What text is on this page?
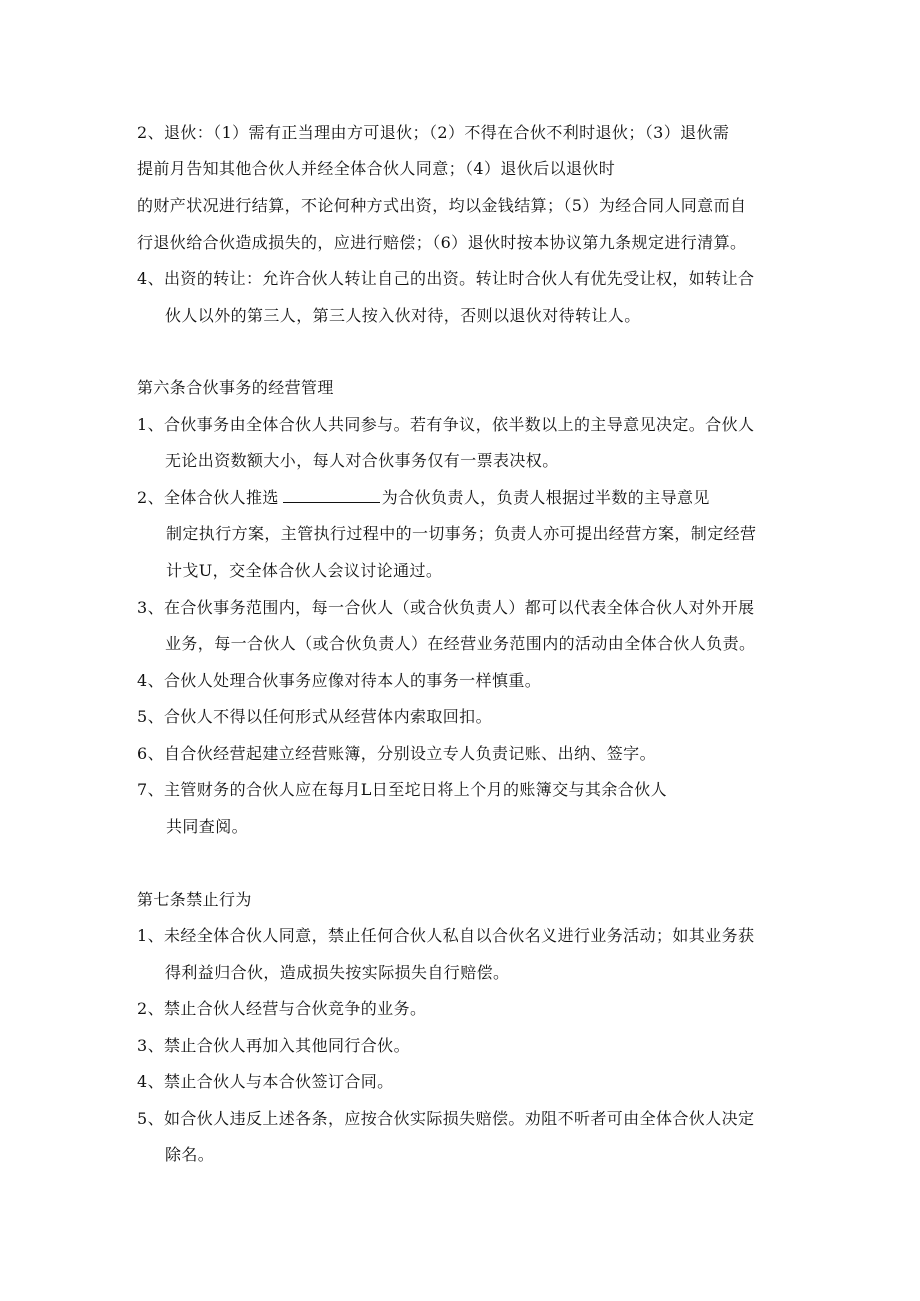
2、退伙：（1）需有正当理由方可退伙；（2）不得在合伙不利时退伙；（3）退伙需
提前月告知其他合伙人并经全体合伙人同意；（4）退伙后以退伙时
的财产状况进行结算，不论何种方式出资，均以金钱结算；（5）为经合同人同意而自
行退伙给合伙造成损失的，应进行赔偿；（6）退伙时按本协议第九条规定进行清算。
4、出资的转让：允许合伙人转让自己的出资。转让时合伙人有优先受让权，如转让合
伙人以外的第三人，第三人按入伙对待，否则以退伙对待转让人。
第六条合伙事务的经营管理
1、合伙事务由全体合伙人共同参与。若有争议，依半数以上的主导意见决定。合伙人
无论出资数额大小，每人对合伙事务仅有一票表决权。
2、全体合伙人推选	为合伙负责人，负责人根据过半数的主导意见
制定执行方案，主管执行过程中的一切事务；负责人亦可提出经营方案，制定经营
计戈U，交全体合伙人会议讨论通过。
3、在合伙事务范围内，每一合伙人（或合伙负责人）都可以代表全体合伙人对外开展
业务，每一合伙人（或合伙负责人）在经营业务范围内的活动由全体合伙人负责。
4、合伙人处理合伙事务应像对待本人的事务一样慎重。
5、合伙人不得以任何形式从经营体内索取回扣。
6、自合伙经营起建立经营账簿，分别设立专人负责记账、出纳、签字。
7、主管财务的合伙人应在每月L日至坨日将上个月的账簿交与其余合伙人
共同查阅。
第七条禁止行为
1、未经全体合伙人同意，禁止任何合伙人私自以合伙名义进行业务活动；如其业务获
得利益归合伙，造成损失按实际损失自行赔偿。
2、禁止合伙人经营与合伙竞争的业务。
3、禁止合伙人再加入其他同行合伙。
4、禁止合伙人与本合伙签订合同。
5、如合伙人违反上述各条，应按合伙实际损失赔偿。劝阻不听者可由全体合伙人决定
除名。
